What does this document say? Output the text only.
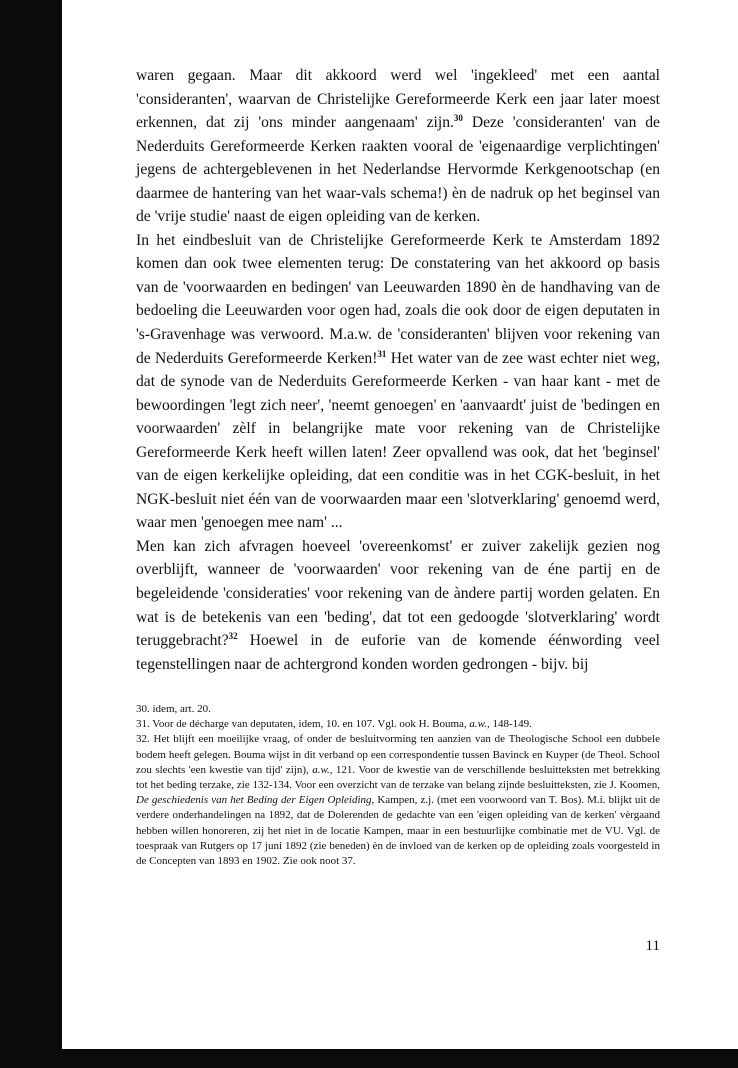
waren gegaan. Maar dit akkoord werd wel 'ingekleed' met een aantal 'consideranten', waarvan de Christelijke Gereformeerde Kerk een jaar later moest erkennen, dat zij 'ons minder aangenaam' zijn.$^{30}$ Deze 'consideranten' van de Nederduits Gereformeerde Kerken raakten vooral de 'eigenaardige verplichtingen' jegens de achtergeblevenen in het Nederlandse Hervormde Kerkgenootschap (en daarmee de hantering van het waar-vals schema!) èn de nadruk op het beginsel van de 'vrije studie' naast de eigen opleiding van de kerken.

In het eindbesluit van de Christelijke Gereformeerde Kerk te Amsterdam 1892 komen dan ook twee elementen terug: De constatering van het akkoord op basis van de 'voorwaarden en bedingen' van Leeuwarden 1890 èn de handhaving van de bedoeling die Leeuwarden voor ogen had, zoals die ook door de eigen deputaten in 's-Gravenhage was verwoord. M.a.w. de 'consideranten' blijven voor rekening van de Nederduits Gereformeerde Kerken!$^{31}$ Het water van de zee wast echter niet weg, dat de synode van de Nederduits Gereformeerde Kerken - van haar kant - met de bewoordingen 'legt zich neer', 'neemt genoegen' en 'aanvaardt' juist de 'bedingen en voorwaarden' zèlf in belangrijke mate voor rekening van de Christelijke Gereformeerde Kerk heeft willen laten! Zeer opvallend was ook, dat het 'beginsel' van de eigen kerkelijke opleiding, dat een conditie was in het CGK-besluit, in het NGK-besluit niet één van de voorwaarden maar een 'slotverklaring' genoemd werd, waar men 'genoegen mee nam' ...

Men kan zich afvragen hoeveel 'overeenkomst' er zuiver zakelijk gezien nog overblijft, wanneer de 'voorwaarden' voor rekening van de éne partij en de begeleidende 'consideraties' voor rekening van de àndere partij worden gelaten. En wat is de betekenis van een 'beding', dat tot een gedoogde 'slotverklaring' wordt teruggebracht?$^{32}$ Hoewel in de euforie van de komende éénwording veel tegenstellingen naar de achtergrond konden worden gedrongen - bijv. bij

30. idem, art. 20.

31. Voor de décharge van deputaten, idem, 10. en 107. Vgl. ook H. Bouma, a.w., 148-149.

32. Het blijft een moeilijke vraag, of onder de besluitvorming ten aanzien van de Theologische School een dubbele bodem heeft gelegen. Bouma wijst in dit verband op een correspondentie tussen Bavinck en Kuyper (de Theol. School zou slechts 'een kwestie van tijd' zijn), a.w., 121. Voor de kwestie van de verschillende besluitteksten met betrekking tot het beding terzake, zie 132-134. Voor een overzicht van de terzake van belang zijnde besluitteksten, zie J. Koomen, De geschiedenis van het Beding der Eigen Opleiding, Kampen, z.j. (met een voorwoord van T. Bos). M.i. blijkt uit de verdere onderhandelingen na 1892, dat de Dolerenden de gedachte van een 'eigen opleiding van de kerken' vèrgaand hebben willen honoreren, zij het niet in de locatie Kampen, maar in een bestuurlijke combinatie met de VU. Vgl. de toespraak van Rutgers op 17 juni 1892 (zie beneden) èn de invloed van de kerken op de opleiding zoals voorgesteld in de Concepten van 1893 en 1902. Zie ook noot 37.

11
